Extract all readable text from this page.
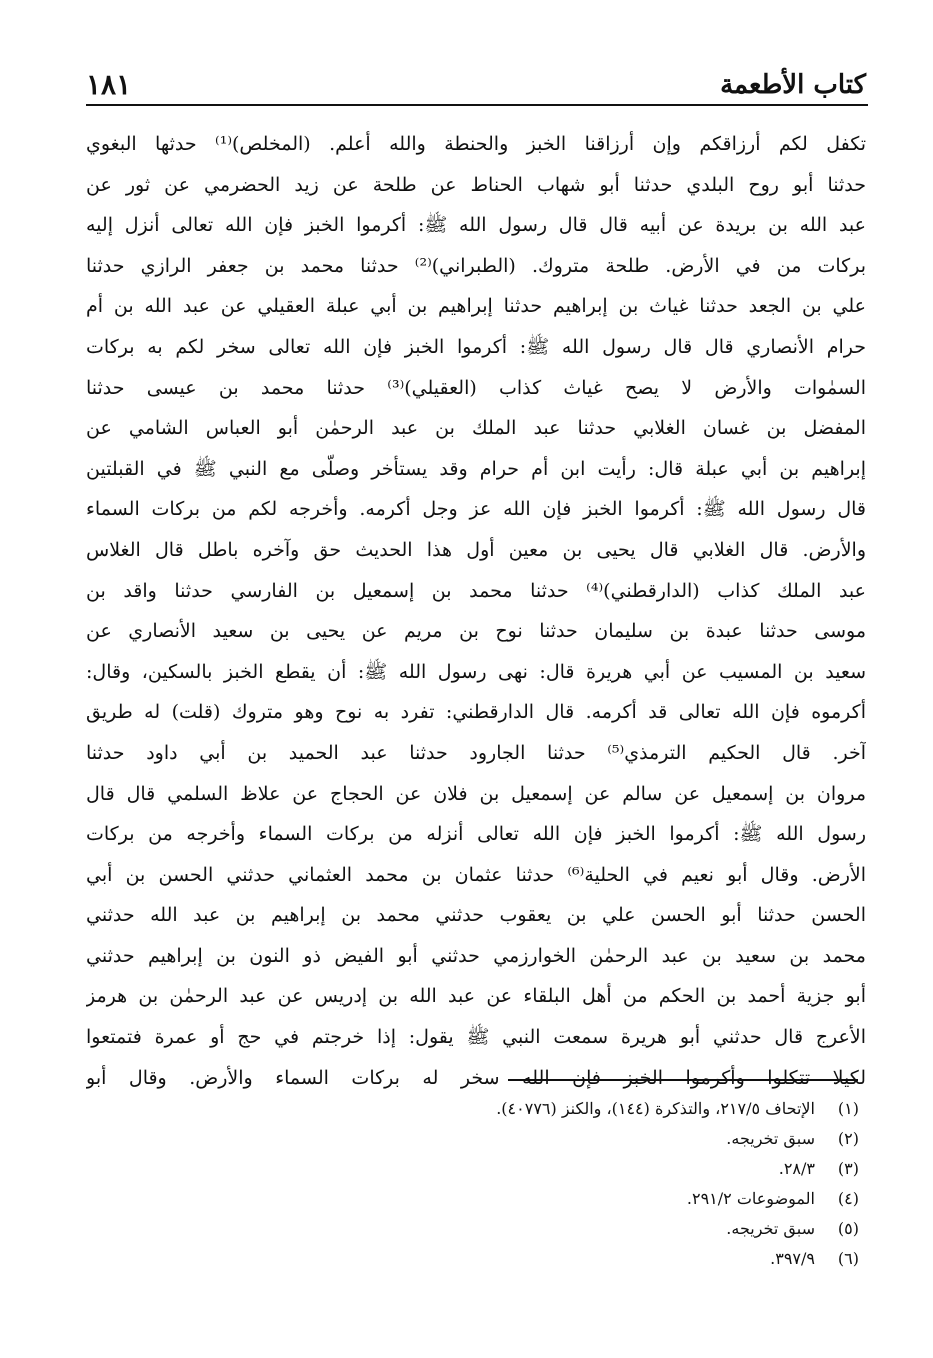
كتاب الأطعمة
١٨١
تكفل لكم أرزاقكم وإن أرزاقنا الخبز والحنطة والله أعلم. (المخلص)⁽¹⁾ حدثها البغوي
حدثنا أبو روح البلدي حدثنا أبو شهاب الحناط عن طلحة عن زيد الحضرمي عن ثور عن
عبد الله بن بريدة عن أبيه قال قال رسول الله ﷺ: أكرموا الخبز فإن الله تعالى أنزل إليه
بركات من في الأرض. طلحة متروك. (الطبراني)⁽²⁾ حدثنا محمد بن جعفر الرازي حدثنا
علي بن الجعد حدثنا غياث بن إبراهيم حدثنا إبراهيم بن أبي عبلة العقيلي عن عبد الله بن أم
حرام الأنصاري قال قال رسول الله ﷺ: أكرموا الخبز فإن الله تعالى سخر لكم به بركات
السمٰوات والأرض لا يصح غياث كذاب (العقيلي)⁽³⁾ حدثنا محمد بن عيسى حدثنا
المفضل بن غسان الغلابي حدثنا عبد الملك بن عبد الرحمٰن أبو العباس الشامي عن
إبراهيم بن أبي عبلة قال: رأيت ابن أم حرام وقد يستأخر وصلّى مع النبي ﷺ في القبلتين
قال رسول الله ﷺ: أكرموا الخبز فإن الله عز وجل أكرمه. وأخرجه لكم من بركات السماء
والأرض. قال الغلابي قال يحيى بن معين أول هذا الحديث حق وآخره باطل قال الغلاس
عبد الملك كذاب (الدارقطني)⁽⁴⁾ حدثنا محمد بن إسمعيل بن الفارسي حدثنا واقد بن
موسى حدثنا عبدة بن سليمان حدثنا نوح بن مريم عن يحيى بن سعيد الأنصاري عن
سعيد بن المسيب عن أبي هريرة قال: نهى رسول الله ﷺ: أن يقطع الخبز بالسكين، وقال:
أكرموه فإن الله تعالى قد أكرمه. قال الدارقطني: تفرد به نوح وهو متروك (قلت) له طريق
آخر. قال الحكيم الترمذي⁽⁵⁾ حدثنا الجارود حدثنا عبد الحميد بن أبي داود حدثنا
مروان بن إسمعيل عن سالم عن إسمعيل بن فلان عن الحجاج عن علاظ السلمي قال قال
رسول الله ﷺ: أكرموا الخبز فإن الله تعالى أنزله من بركات السماء وأخرجه من بركات
الأرض. وقال أبو نعيم في الحلية⁽⁶⁾ حدثنا عثمان بن محمد العثماني حدثني الحسن بن أبي
الحسن حدثنا أبو الحسن علي بن يعقوب حدثني محمد بن إبراهيم بن عبد الله حدثني
محمد بن سعيد بن عبد الرحمٰن الخوارزمي حدثني أبو الفيض ذو النون بن إبراهيم حدثني
أبو جزية أحمد بن الحكم من أهل البلقاء عن عبد الله بن إدريس عن عبد الرحمٰن بن هرمز
الأعرج قال حدثني أبو هريرة سمعت النبي ﷺ يقول: إذا خرجتم في حج أو عمرة فتمتعوا
لكيلا تتكلوا وأكرموا الخبز فإن الله سخر له بركات السماء والأرض. وقال أبو
(١)الإتحاف ٢١٧/٥، والتذكرة (١٤٤)، والكنز (٤٠٧٧٦).
(٢)سبق تخريجه.
(٣)٢٨/٣.
(٤)الموضوعات ٢٩١/٢.
(٥)سبق تخريجه.
(٦)٣٩٧/٩.
